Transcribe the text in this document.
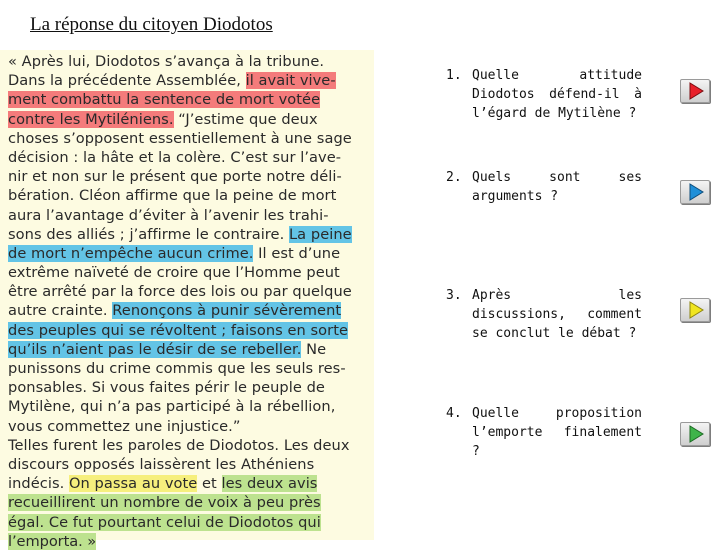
La réponse du citoyen Diodotos
« Après lui, Diodotos s’avança à la tribune.
Dans la précédente Assemblée, il avait vive-
ment combattu la sentence de mort votée
contre les Mytiléniens. “J’estime que deux
choses s’opposent essentiellement à une sage
décision : la hâte et la colère. C’est sur l’ave-
nir et non sur le présent que porte notre déli-
bération. Cléon affirme que la peine de mort
aura l’avantage d’éviter à l’avenir les trahi-
sons des alliés ; j’affirme le contraire. La peine
de mort n’empêche aucun crime. Il est d’une
extrême naïveté de croire que l’Homme peut
être arrêté par la force des lois ou par quelque
autre crainte. Renonçons à punir sévèrement
des peuples qui se révoltent ; faisons en sorte
qu’ils n’aient pas le désir de se rebeller. Ne
punissons du crime commis que les seuls res-
ponsables. Si vous faites périr le peuple de
Mytilène, qui n’a pas participé à la rébellion,
vous commettez une injustice.”
Telles furent les paroles de Diodotos. Les deux
discours opposés laissèrent les Athéniens
indécis. On passa au vote et les deux avis
recueillirent un nombre de voix à peu près
égal. Ce fut pourtant celui de Diodotos qui
l’emporta. »
1. Quelle attitude Diodotos défend-il à l’égard de Mytilène ?
2. Quels sont ses arguments ?
3. Après les discussions, comment se conclut le débat ?
4. Quelle proposition l’emporte finalement ?
